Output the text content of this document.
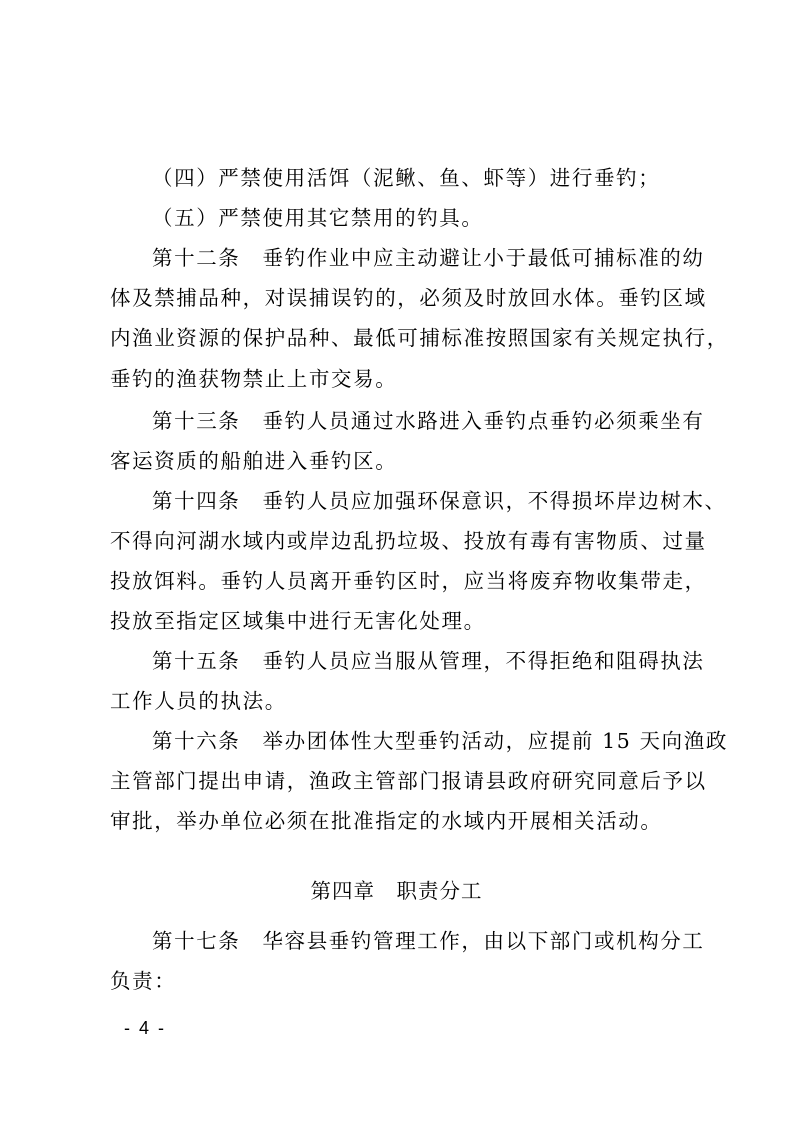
（四）严禁使用活饵（泥鳅、鱼、虾等）进行垂钓；
（五）严禁使用其它禁用的钓具。
第十二条　垂钓作业中应主动避让小于最低可捕标准的幼
体及禁捕品种，对误捕误钓的，必须及时放回水体。垂钓区域
内渔业资源的保护品种、最低可捕标准按照国家有关规定执行，
垂钓的渔获物禁止上市交易。
第十三条　垂钓人员通过水路进入垂钓点垂钓必须乘坐有
客运资质的船舶进入垂钓区。
第十四条　垂钓人员应加强环保意识，不得损坏岸边树木、
不得向河湖水域内或岸边乱扔垃圾、投放有毒有害物质、过量
投放饵料。垂钓人员离开垂钓区时，应当将废弃物收集带走，
投放至指定区域集中进行无害化处理。
第十五条　垂钓人员应当服从管理，不得拒绝和阻碍执法
工作人员的执法。
第十六条　举办团体性大型垂钓活动，应提前 15 天向渔政
主管部门提出申请，渔政主管部门报请县政府研究同意后予以
审批，举办单位必须在批准指定的水域内开展相关活动。
第四章　职责分工
第十七条　华容县垂钓管理工作，由以下部门或机构分工
负责：
- 4 -
